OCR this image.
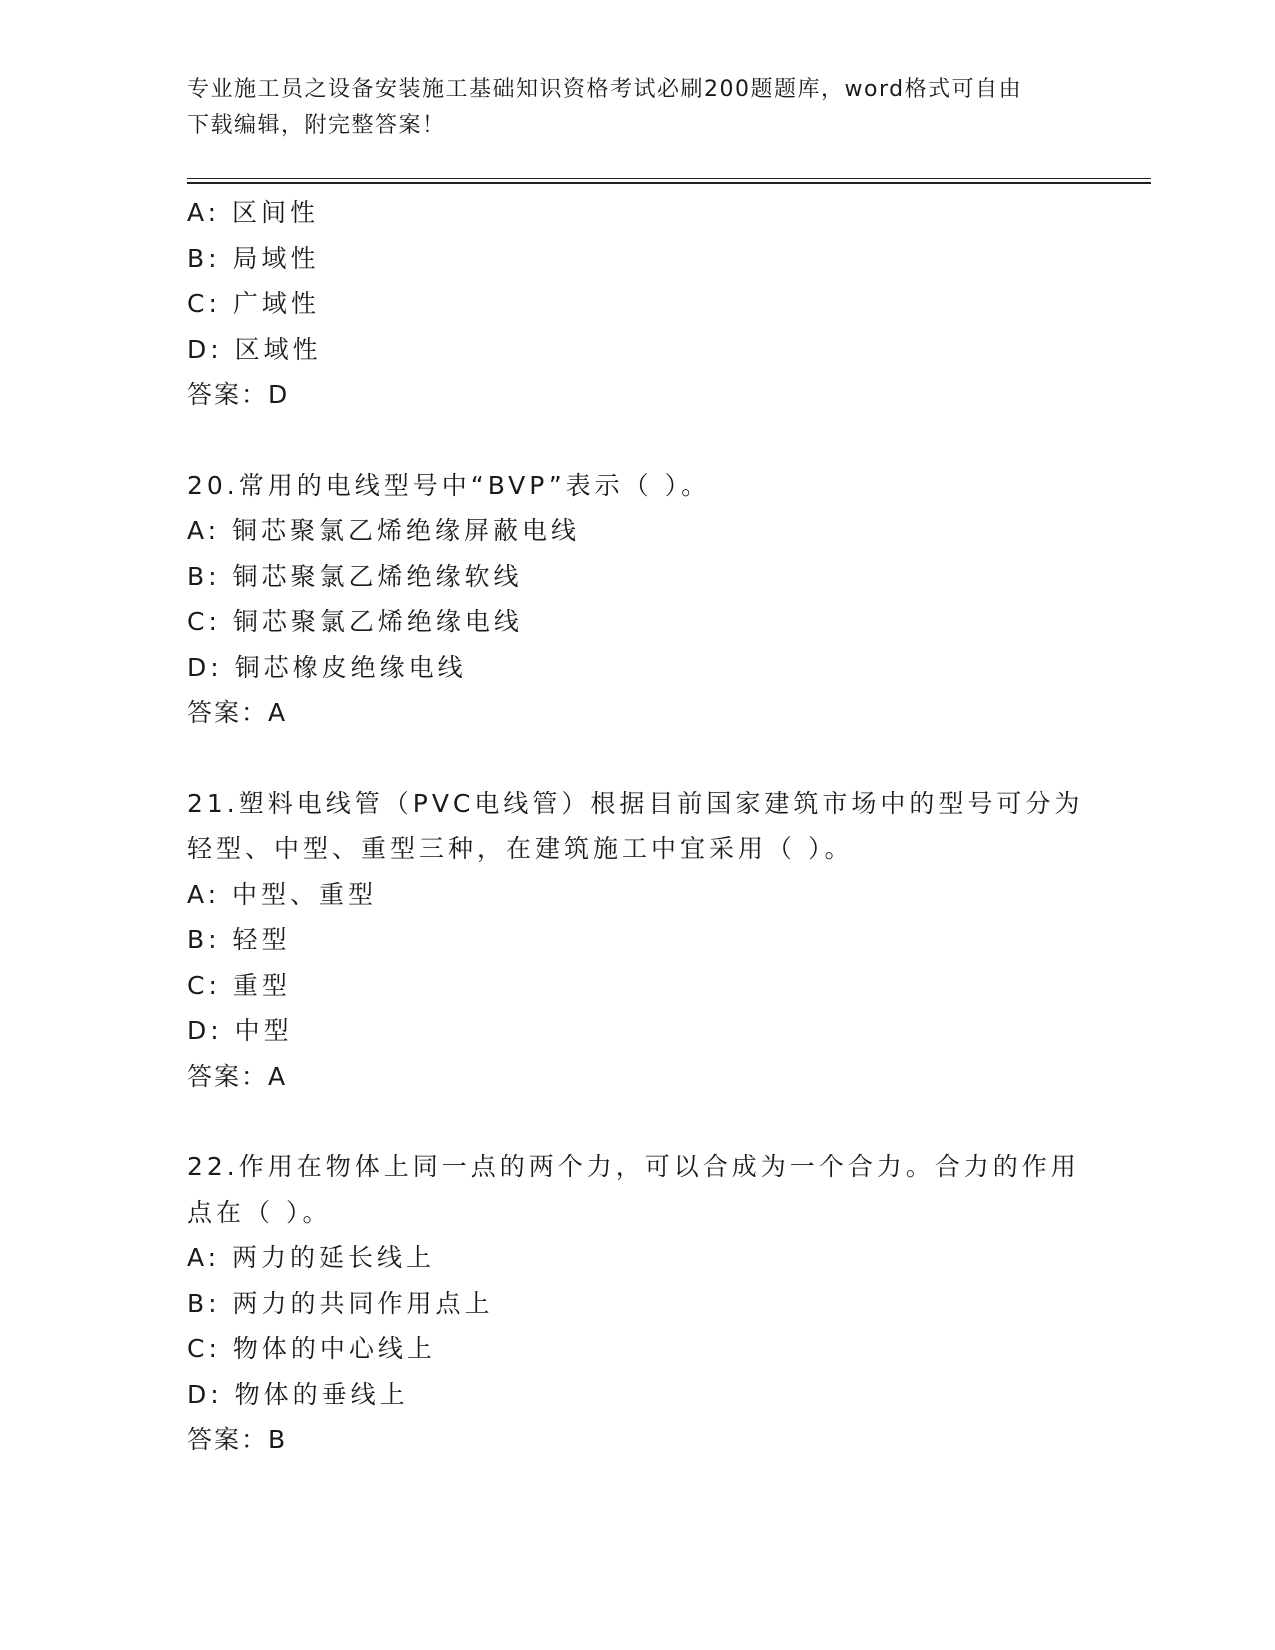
专业施工员之设备安装施工基础知识资格考试必刷200题题库，word格式可自由
下载编辑，附完整答案！
A: 区间性
B: 局域性
C: 广域性
D: 区域性
答案：D
20.常用的电线型号中“BVP”表示（ ）。
A: 铜芯聚氯乙烯绝缘屏蔽电线
B: 铜芯聚氯乙烯绝缘软线
C: 铜芯聚氯乙烯绝缘电线
D: 铜芯橡皮绝缘电线
答案：A
21.塑料电线管（PVC电线管）根据目前国家建筑市场中的型号可分为
轻型、中型、重型三种，在建筑施工中宜采用（ ）。
A: 中型、重型
B: 轻型
C: 重型
D: 中型
答案：A
22.作用在物体上同一点的两个力，可以合成为一个合力。合力的作用
点在（ ）。
A: 两力的延长线上
B: 两力的共同作用点上
C: 物体的中心线上
D: 物体的垂线上
答案：B
